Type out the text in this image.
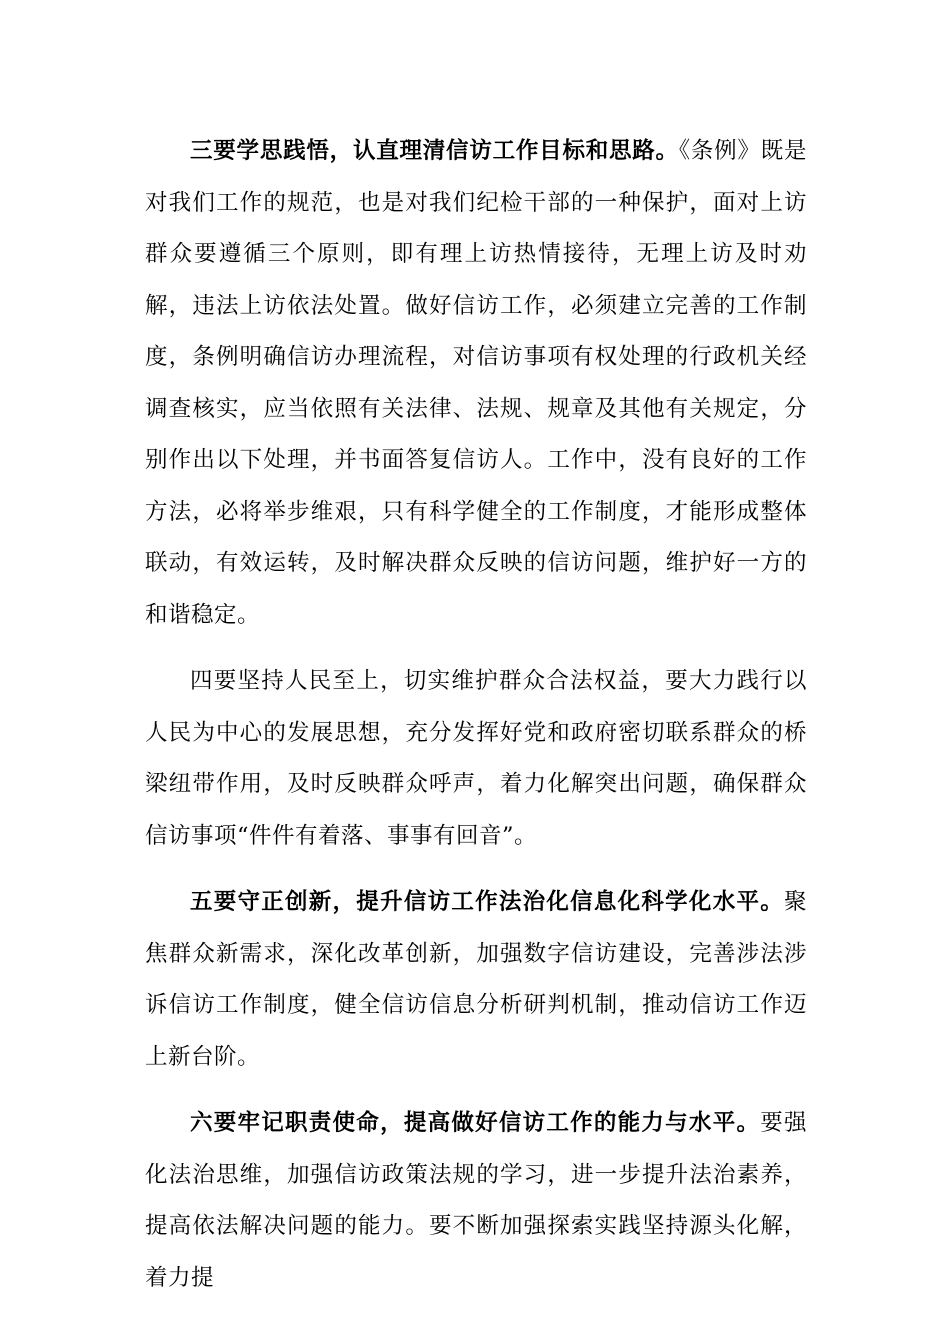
三要学思践悟，认直理清信访工作目标和思路。《条例》既是对我们工作的规范，也是对我们纪检干部的一种保护，面对上访群众要遵循三个原则，即有理上访热情接待，无理上访及时劝解，违法上访依法处置。做好信访工作，必须建立完善的工作制度，条例明确信访办理流程，对信访事项有权处理的行政机关经调查核实，应当依照有关法律、法规、规章及其他有关规定，分别作出以下处理，并书面答复信访人。工作中，没有良好的工作方法，必将举步维艰，只有科学健全的工作制度，才能形成整体联动，有效运转，及时解决群众反映的信访问题，维护好一方的和谐稳定。

四要坚持人民至上，切实维护群众合法权益，要大力践行以人民为中心的发展思想，充分发挥好党和政府密切联系群众的桥梁纽带作用，及时反映群众呼声，着力化解突出问题，确保群众信访事项“件件有着落、事事有回音”。

五要守正创新，提升信访工作法治化信息化科学化水平。聚焦群众新需求，深化改革创新，加强数字信访建设，完善涉法涉诉信访工作制度，健全信访信息分析研判机制，推动信访工作迈上新台阶。

六要牢记职责使命，提高做好信访工作的能力与水平。要强化法治思维，加强信访政策法规的学习，进一步提升法治素养，提高依法解决问题的能力。要不断加强探索实践坚持源头化解，着力提
